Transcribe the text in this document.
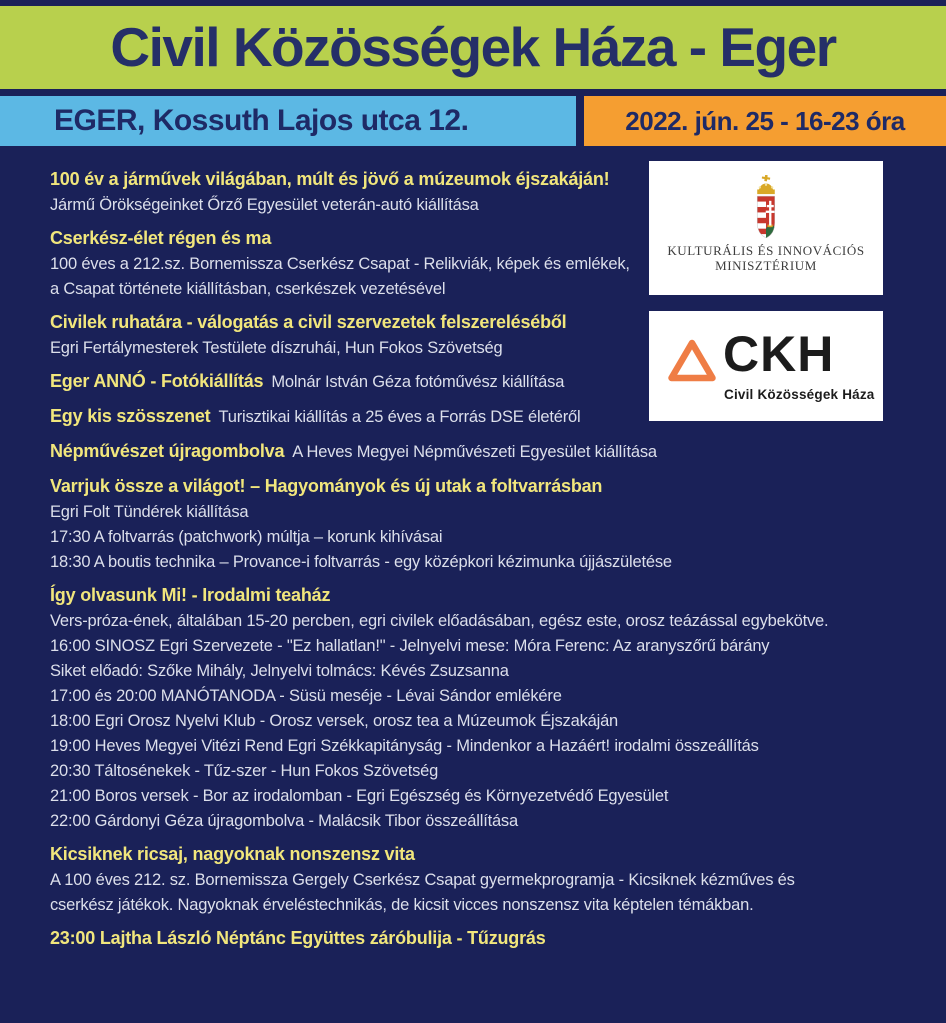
Civil Közösségek Háza - Eger
EGER, Kossuth Lajos utca 12.	2022. jún. 25 - 16-23 óra
100 év a járművek világában, múlt és jövő a múzeumok éjszakáján!
Jármű Örökségeinket Őrző Egyesület veterán-autó kiállítása
Cserkész-élet régen és ma
100 éves a 212.sz. Bornemissza Cserkész Csapat - Relikviák, képek és emlékek,
a Csapat története kiállításban, cserkészek vezetésével
Civilek ruhatára - válogatás a civil szervezetek felszereléséből
Egri Fertálymesterek Testülete díszruhái, Hun Fokos Szövetség
Eger ANNÓ - Fotókiállítás Molnár István Géza fotóművész kiállítása
Egy kis szösszenet Turisztikai kiállítás a 25 éves a Forrás DSE életéről
Népművészet újragombolva A Heves Megyei Népművészeti Egyesület kiállítása
Varrjuk össze a világot! – Hagyományok és új utak a foltvarrásban
Egri Folt Tündérek kiállítása
17:30 A foltvarrás (patchwork) múltja – korunk kihívásai
18:30 A boutis technika – Provance-i foltvarrás - egy középkori kézimunka újjászületése
Így olvasunk Mi! - Irodalmi teaház
Vers-próza-ének, általában 15-20 percben, egri civilek előadásában, egész este, orosz teázással egybekötve.
16:00 SINOSZ Egri Szervezete - "Ez hallatlan!" - Jelnyelvi mese: Móra Ferenc: Az aranyszőrű bárány
Siket előadó: Szőke Mihály, Jelnyelvi tolmács: Kévés Zsuzsanna
17:00 és 20:00 MANÓTANODA - Süsü meséje - Lévai Sándor emlékére
18:00 Egri Orosz Nyelvi Klub - Orosz versek, orosz tea a Múzeumok Éjszakáján
19:00 Heves Megyei Vitézi Rend Egri Székkapitányság - Mindenkor a Hazáért! irodalmi összeállítás
20:30 Táltosénekek - Tűz-szer - Hun Fokos Szövetség
21:00 Boros versek - Bor az irodalomban - Egri Egészség és Környezetvédő Egyesület
22:00 Gárdonyi Géza újragombolva - Malácsik Tibor összeállítása
Kicsiknek ricsaj, nagyoknak nonszensz vita
A 100 éves 212. sz. Bornemissza Gergely Cserkész Csapat gyermekprogramja - Kicsiknek kézműves és
cserkész játékok. Nagyoknak érveléstechnikás, de kicsit vicces nonszensz vita képtelen témákban.
23:00 Lajtha László Néptánc Együttes záróbulija - Tűzugrás
KULTURÁLIS ÉS INNOVÁCIÓS
MINISZTÉRIUM
CKH
Civil Közösségek Háza
